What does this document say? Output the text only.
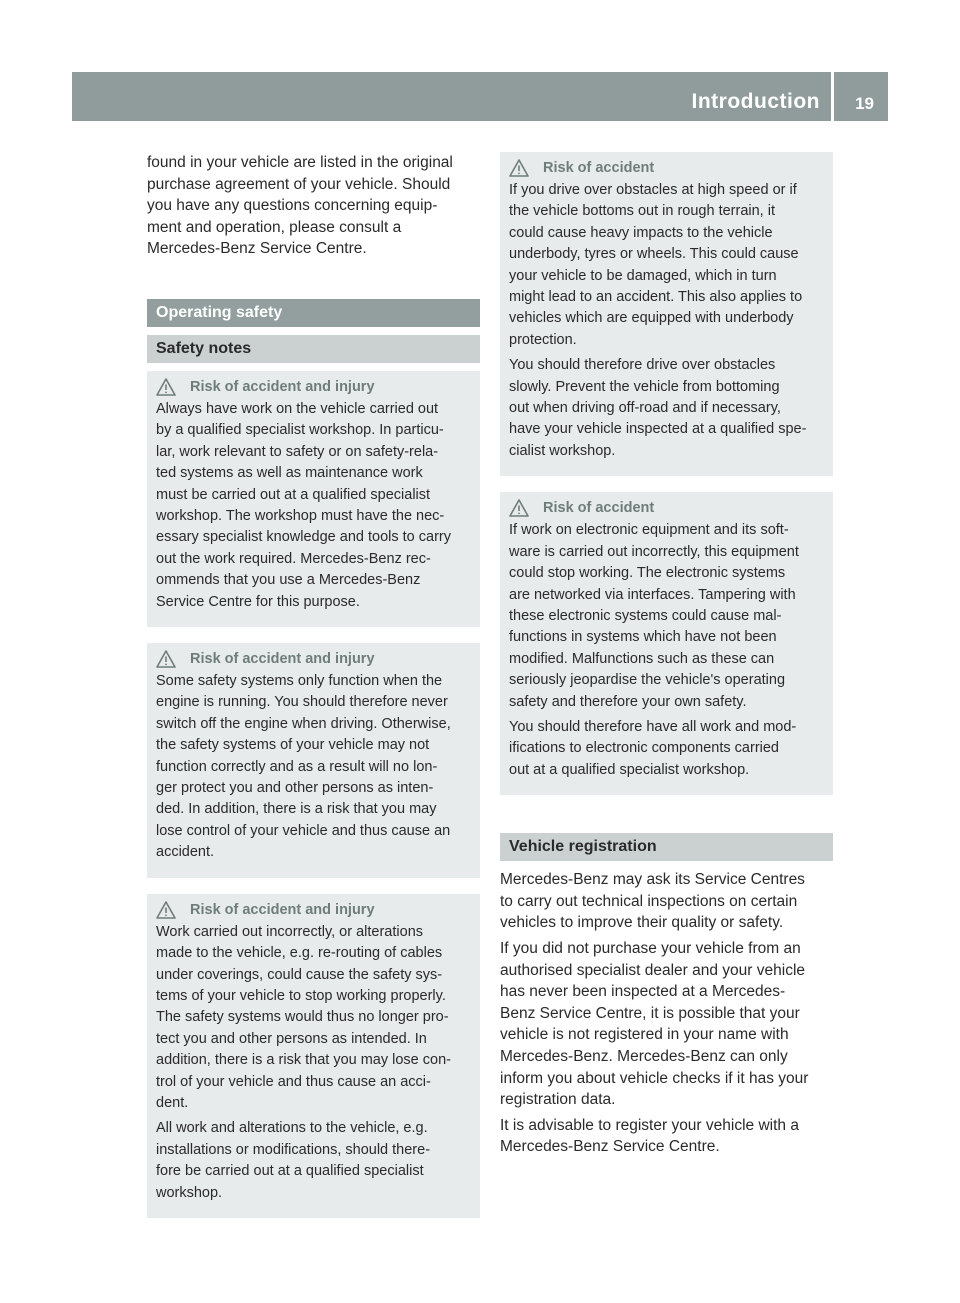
Introduction 19

found in your vehicle are listed in the original
purchase agreement of your vehicle. Should
you have any questions concerning equip-
ment and operation, please consult a
Mercedes-Benz Service Centre.

Operating safety
Safety notes
Risk of accident and injury

Always have work on the vehicle carried out
by a qualified specialist workshop. In particu-
lar, work relevant to safety or on safety-rela-
ted systems as well as maintenance work
must be carried out at a qualified specialist
workshop. The workshop must have the nec-
essary specialist knowledge and tools to carry
out the work required. Mercedes-Benz rec-
ommends that you use a Mercedes-Benz
Service Centre for this purpose.

Risk of accident and injury

Some safety systems only function when the
engine is running. You should therefore never
switch off the engine when driving. Otherwise,
the safety systems of your vehicle may not
function correctly and as a result will no lon-
ger protect you and other persons as inten-
ded. In addition, there is a risk that you may
lose control of your vehicle and thus cause an
accident.

Risk of accident and injury

Work carried out incorrectly, or alterations
made to the vehicle, e.g. re-routing of cables
under coverings, could cause the safety sys-
tems of your vehicle to stop working properly.
The safety systems would thus no longer pro-
tect you and other persons as intended. In
addition, there is a risk that you may lose con-
trol of your vehicle and thus cause an acci-
dent.

All work and alterations to the vehicle, e.g.
installations or modifications, should there-
fore be carried out at a qualified specialist
workshop.

Risk of accident

If you drive over obstacles at high speed or if
the vehicle bottoms out in rough terrain, it
could cause heavy impacts to the vehicle
underbody, tyres or wheels. This could cause
your vehicle to be damaged, which in turn
might lead to an accident. This also applies to
vehicles which are equipped with underbody
protection.

You should therefore drive over obstacles
slowly. Prevent the vehicle from bottoming
out when driving off-road and if necessary,
have your vehicle inspected at a qualified spe-
cialist workshop.

Risk of accident

If work on electronic equipment and its soft-
ware is carried out incorrectly, this equipment
could stop working. The electronic systems
are networked via interfaces. Tampering with
these electronic systems could cause mal-
functions in systems which have not been
modified. Malfunctions such as these can
seriously jeopardise the vehicle's operating
safety and therefore your own safety.

You should therefore have all work and mod-
ifications to electronic components carried
out at a qualified specialist workshop.

Vehicle registration

Mercedes-Benz may ask its Service Centres
to carry out technical inspections on certain
vehicles to improve their quality or safety.

If you did not purchase your vehicle from an
authorised specialist dealer and your vehicle
has never been inspected at a Mercedes-
Benz Service Centre, it is possible that your
vehicle is not registered in your name with
Mercedes-Benz. Mercedes-Benz can only
inform you about vehicle checks if it has your
registration data.

It is advisable to register your vehicle with a
Mercedes-Benz Service Centre.
